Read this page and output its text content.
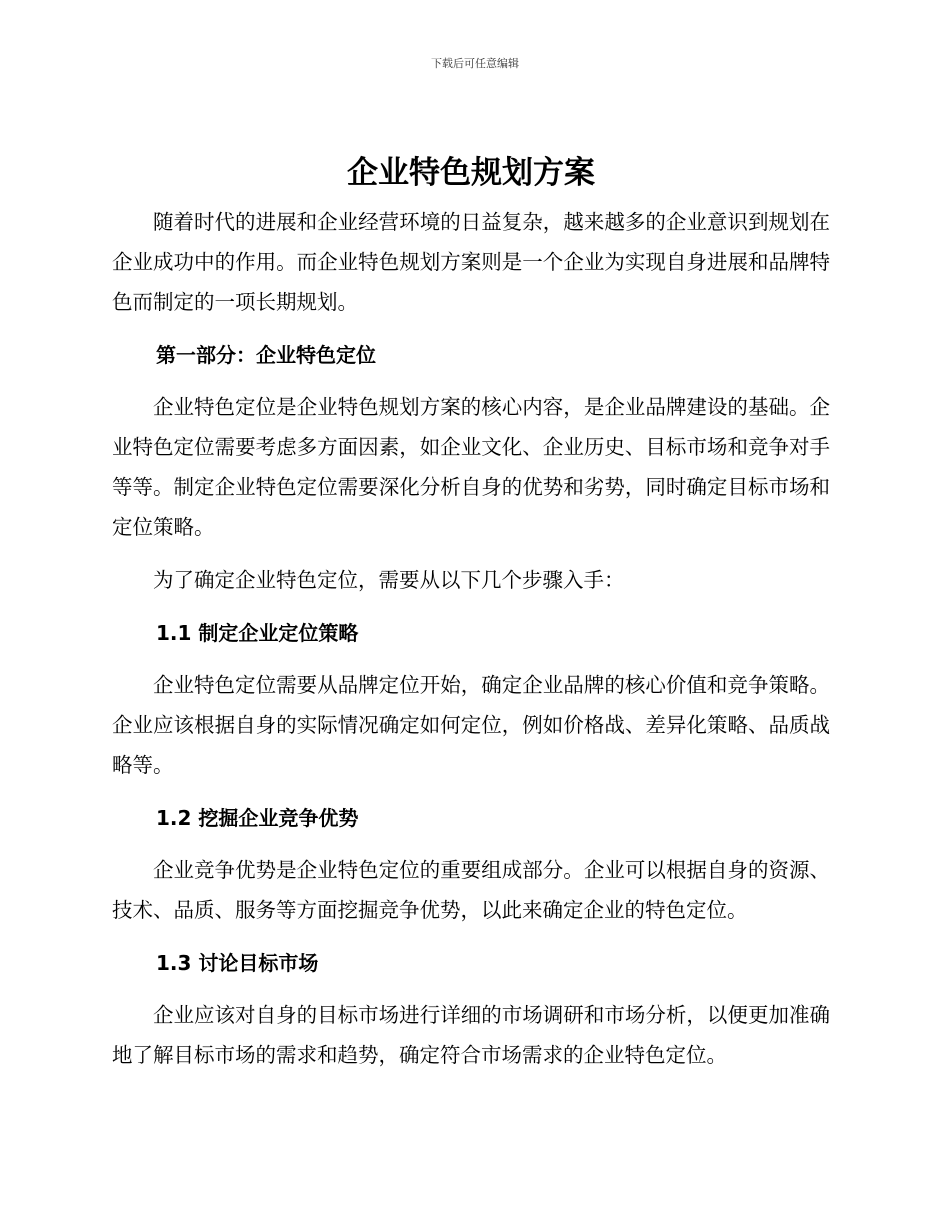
下载后可任意编辑
企业特色规划方案

随着时代的进展和企业经营环境的日益复杂，越来越多的企业意识到规划在企业成功中的作用。而企业特色规划方案则是一个企业为实现自身进展和品牌特色而制定的一项长期规划。

第一部分：企业特色定位

企业特色定位是企业特色规划方案的核心内容，是企业品牌建设的基础。企业特色定位需要考虑多方面因素，如企业文化、企业历史、目标市场和竞争对手等等。制定企业特色定位需要深化分析自身的优势和劣势，同时确定目标市场和定位策略。

为了确定企业特色定位，需要从以下几个步骤入手：

1.1 制定企业定位策略

企业特色定位需要从品牌定位开始，确定企业品牌的核心价值和竞争策略。企业应该根据自身的实际情况确定如何定位，例如价格战、差异化策略、品质战略等。

1.2 挖掘企业竞争优势

企业竞争优势是企业特色定位的重要组成部分。企业可以根据自身的资源、技术、品质、服务等方面挖掘竞争优势，以此来确定企业的特色定位。

1.3 讨论目标市场

企业应该对自身的目标市场进行详细的市场调研和市场分析，以便更加准确地了解目标市场的需求和趋势，确定符合市场需求的企业特色定位。
